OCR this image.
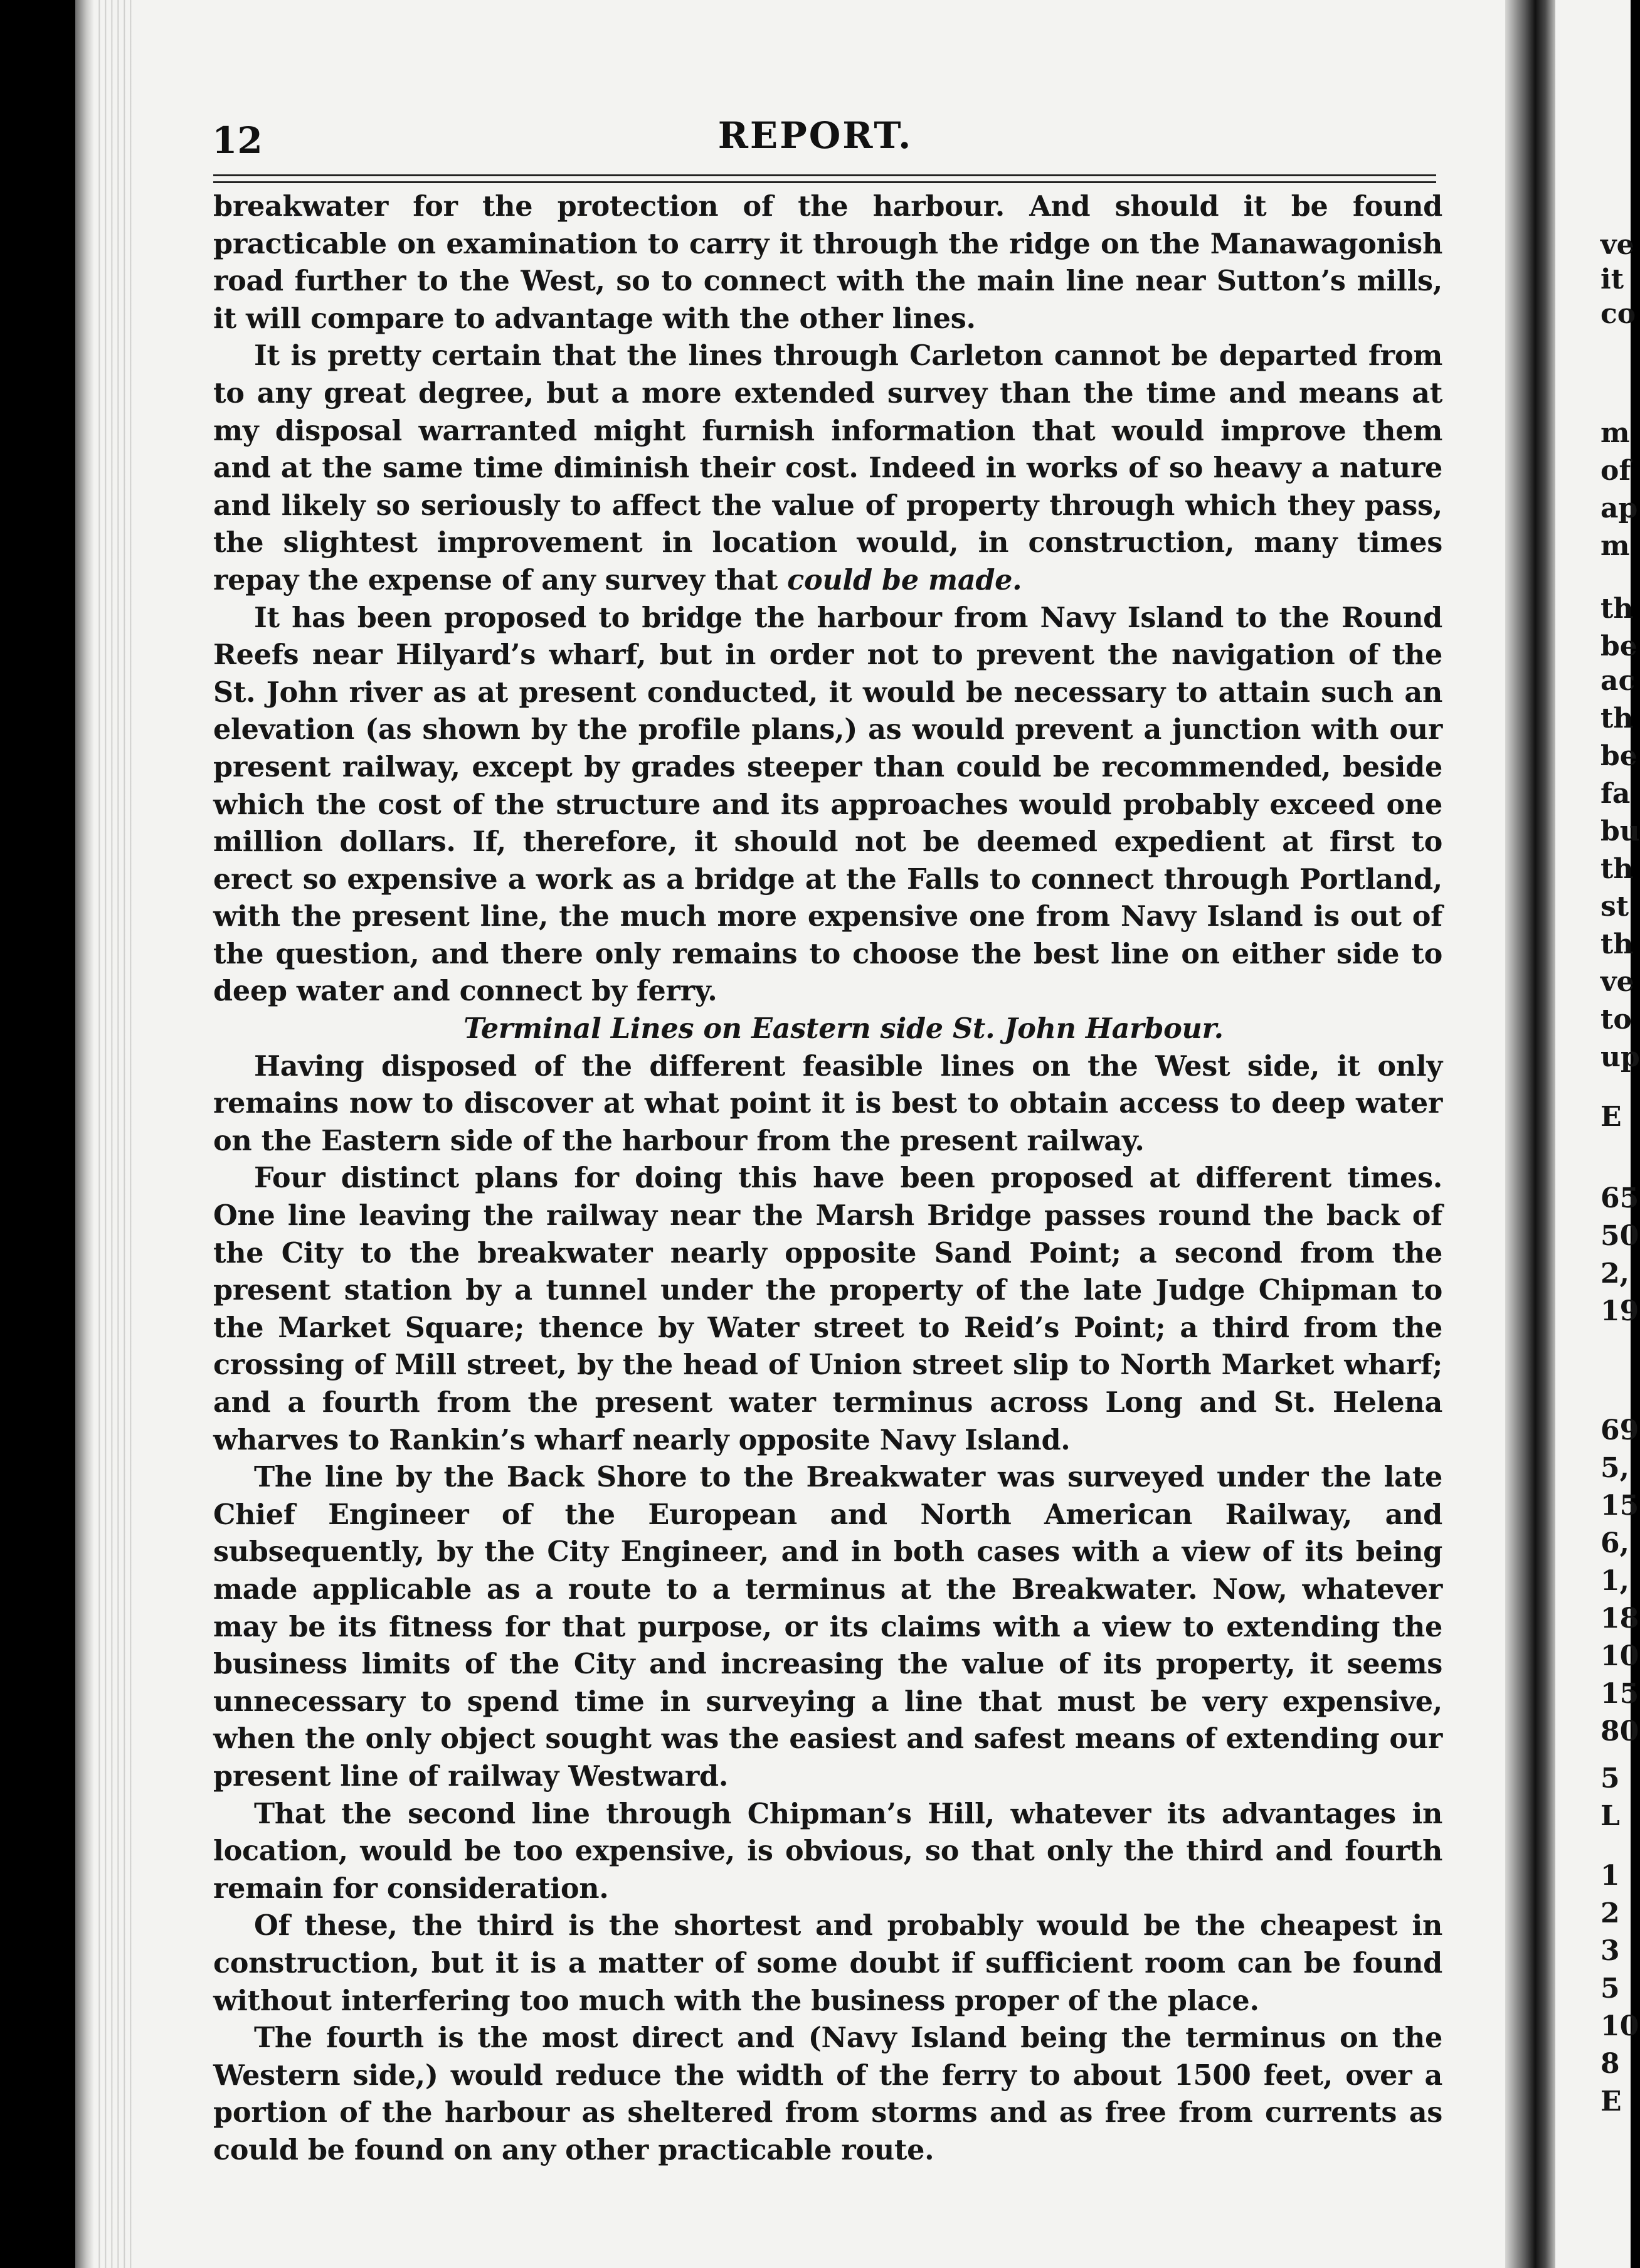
12	REPORT.

breakwater for the protection of the harbour. And should it be found practicable on examination to carry it through the ridge on the Manawagonish road further to the West, so to connect with the main line near Sutton’s mills, it will compare to advantage with the other lines.

It is pretty certain that the lines through Carleton cannot be departed from to any great degree, but a more extended survey than the time and means at my disposal warranted might furnish information that would improve them and at the same time diminish their cost. Indeed in works of so heavy a nature and likely so seriously to affect the value of property through which they pass, the slightest improvement in location would, in construction, many times repay the expense of any survey that could be made.

It has been proposed to bridge the harbour from Navy Island to the Round Reefs near Hilyard’s wharf, but in order not to prevent the navigation of the St. John river as at present conducted, it would be necessary to attain such an elevation (as shown by the profile plans,) as would prevent a junction with our present railway, except by grades steeper than could be recommended, beside which the cost of the structure and its approaches would probably exceed one million dollars. If, therefore, it should not be deemed expedient at first to erect so expensive a work as a bridge at the Falls to connect through Portland, with the present line, the much more expensive one from Navy Island is out of the question, and there only remains to choose the best line on either side to deep water and connect by ferry.

Terminal Lines on Eastern side St. John Harbour.

Having disposed of the different feasible lines on the West side, it only remains now to discover at what point it is best to obtain access to deep water on the Eastern side of the harbour from the present railway.

Four distinct plans for doing this have been proposed at different times. One line leaving the railway near the Marsh Bridge passes round the back of the City to the breakwater nearly opposite Sand Point; a second from the present station by a tunnel under the property of the late Judge Chipman to the Market Square; thence by Water street to Reid’s Point; a third from the crossing of Mill street, by the head of Union street slip to North Market wharf; and a fourth from the present water terminus across Long and St. Helena wharves to Rankin’s wharf nearly opposite Navy Island.

The line by the Back Shore to the Breakwater was surveyed under the late Chief Engineer of the European and North American Railway, and subsequently, by the City Engineer, and in both cases with a view of its being made applicable as a route to a terminus at the Breakwater. Now, whatever may be its fitness for that purpose, or its claims with a view to extending the business limits of the City and increasing the value of its property, it seems unnecessary to spend time in surveying a line that must be very expensive, when the only object sought was the easiest and safest means of extending our present line of railway Westward.

That the second line through Chipman’s Hill, whatever its advantages in location, would be too expensive, is obvious, so that only the third and fourth remain for consideration.

Of these, the third is the shortest and probably would be the cheapest in construction, but it is a matter of some doubt if sufficient room can be found without interfering too much with the business proper of the place.

The fourth is the most direct and (Navy Island being the terminus on the Western side,) would reduce the width of the ferry to about 1500 feet, over a portion of the harbour as sheltered from storms and as free from currents as could be found on any other practicable route.

ve
it
co
m
of
ap
m
th
be
ac
th
be
fa
bu
th
st
th
ve
to
up
E
65
50
2,
19
69
5,
15
6,
1,
18
10
15
80
5
L
1
2
3
5
10
8
E
